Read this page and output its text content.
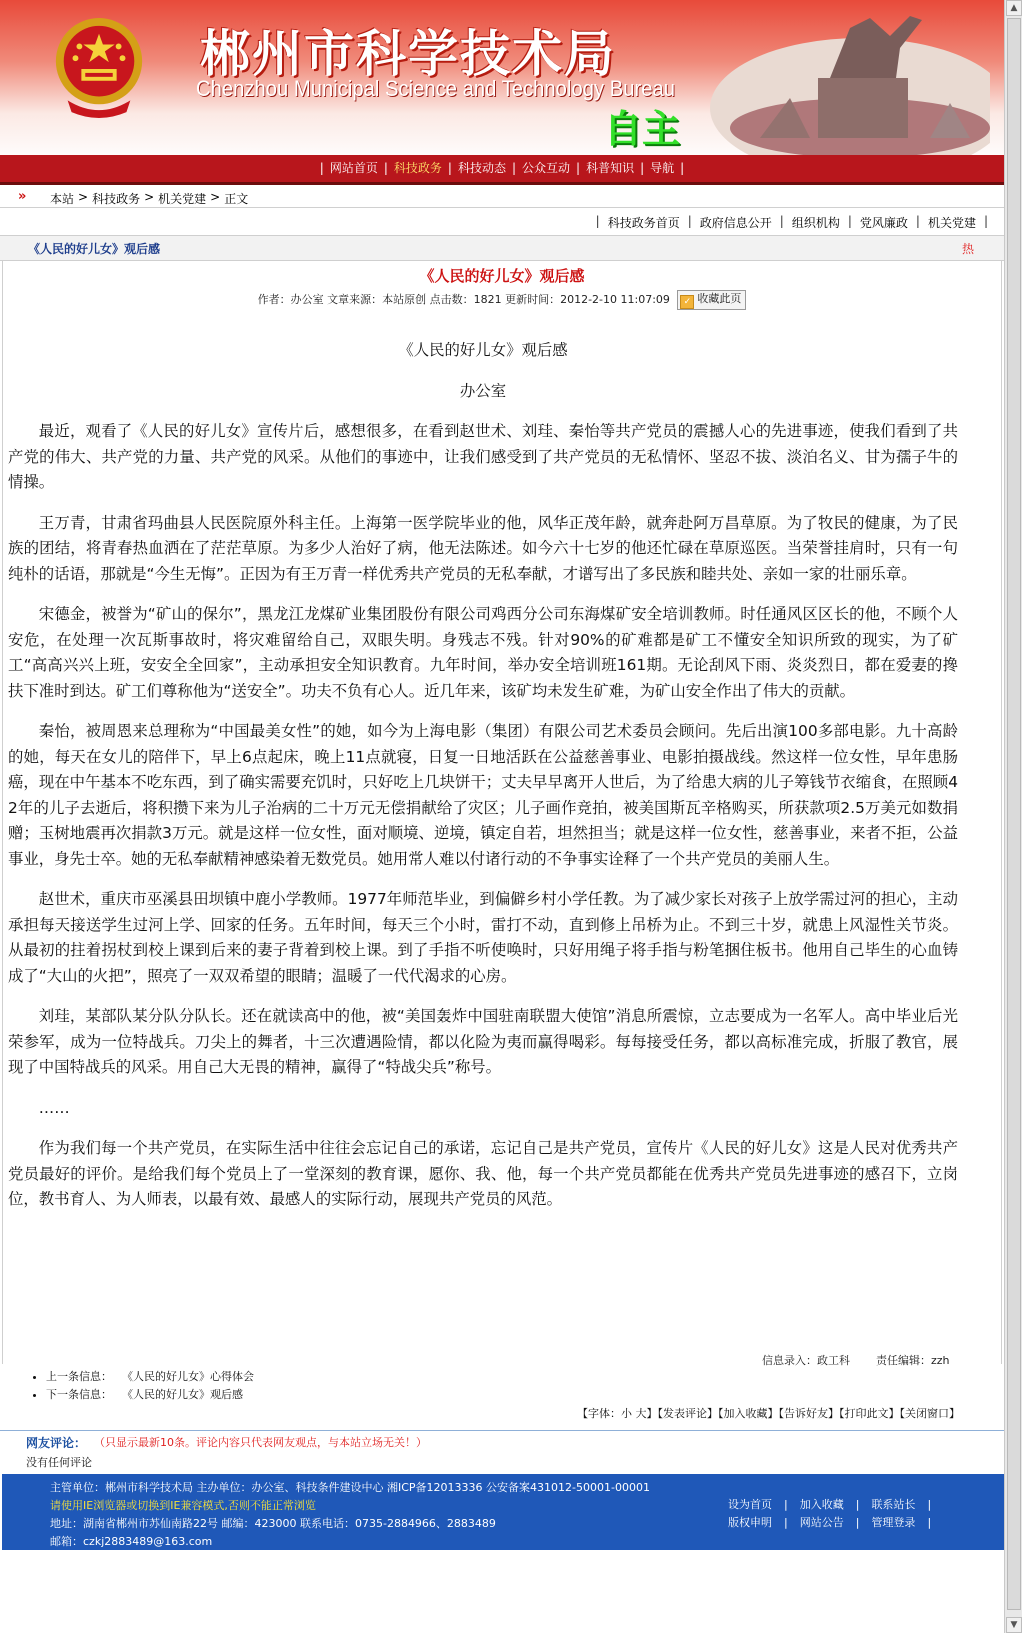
郴州市科学技术局
Chenzhou Municipal Science and Technology Bureau
自主
| 网站首页 | 科技政务 | 科技动态 | 公众互动 | 科普知识 | 导航 |
» 本站 > 科技政务 > 机关党建 > 正文
| 科技政务首页 | 政府信息公开 | 组织机构 | 党风廉政 | 机关党建 |
《人民的好儿女》观后感	热
《人民的好儿女》观后感
作者：办公室 文章来源：本站原创 点击数：1821 更新时间：2012-2-10 11:07:09 ✓ 收藏此页
《人民的好儿女》观后感
办公室

最近，观看了《人民的好儿女》宣传片后，感想很多，在看到赵世术、刘珪、秦怡等共产党员的震撼人心的先进事迹，使我们看到了共产党的伟大、共产党的力量、共产党的风采。从他们的事迹中，让我们感受到了共产党员的无私情怀、坚忍不拔、淡泊名义、甘为孺子牛的情操。

王万青，甘肃省玛曲县人民医院原外科主任。上海第一医学院毕业的他，风华正茂年龄，就奔赴阿万昌草原。为了牧民的健康，为了民族的团结，将青春热血洒在了茫茫草原。为多少人治好了病，他无法陈述。如今六十七岁的他还忙碌在草原巡医。当荣誉挂肩时，只有一句纯朴的话语，那就是“今生无悔”。正因为有王万青一样优秀共产党员的无私奉献，才谱写出了多民族和睦共处、亲如一家的壮丽乐章。

宋德金，被誉为“矿山的保尔”，黑龙江龙煤矿业集团股份有限公司鸡西分公司东海煤矿安全培训教师。时任通风区区长的他，不顾个人安危，在处理一次瓦斯事故时，将灾难留给自己，双眼失明。身残志不残。针对90%的矿难都是矿工不懂安全知识所致的现实，为了矿工“高高兴兴上班，安安全全回家”，主动承担安全知识教育。九年时间，举办安全培训班161期。无论刮风下雨、炎炎烈日，都在爱妻的搀扶下准时到达。矿工们尊称他为“送安全”。功夫不负有心人。近几年来，该矿均未发生矿难，为矿山安全作出了伟大的贡献。

秦怡，被周恩来总理称为“中国最美女性”的她，如今为上海电影（集团）有限公司艺术委员会顾问。先后出演100多部电影。九十高龄的她，每天在女儿的陪伴下，早上6点起床，晚上11点就寝，日复一日地活跃在公益慈善事业、电影拍摄战线。然这样一位女性，早年患肠癌，现在中午基本不吃东西，到了确实需要充饥时，只好吃上几块饼干；丈夫早早离开人世后，为了给患大病的儿子筹钱节衣缩食，在照顾42年的儿子去逝后，将积攒下来为儿子治病的二十万元无偿捐献给了灾区；儿子画作竞拍，被美国斯瓦辛格购买，所获款项2.5万美元如数捐赠；玉树地震再次捐款3万元。就是这样一位女性，面对顺境、逆境，镇定自若，坦然担当；就是这样一位女性，慈善事业，来者不拒，公益事业，身先士卒。她的无私奉献精神感染着无数党员。她用常人难以付诸行动的不争事实诠释了一个共产党员的美丽人生。

赵世术，重庆市巫溪县田坝镇中鹿小学教师。1977年师范毕业，到偏僻乡村小学任教。为了减少家长对孩子上放学需过河的担心，主动承担每天接送学生过河上学、回家的任务。五年时间，每天三个小时，雷打不动，直到修上吊桥为止。不到三十岁，就患上风湿性关节炎。从最初的拄着拐杖到校上课到后来的妻子背着到校上课。到了手指不听使唤时，只好用绳子将手指与粉笔捆住板书。他用自己毕生的心血铸成了“大山的火把”，照亮了一双双希望的眼睛；温暖了一代代渴求的心房。

刘珪，某部队某分队分队长。还在就读高中的他，被“美国轰炸中国驻南联盟大使馆”消息所震惊，立志要成为一名军人。高中毕业后光荣参军，成为一位特战兵。刀尖上的舞者，十三次遭遇险情，都以化险为夷而赢得喝彩。每每接受任务，都以高标准完成，折服了教官，展现了中国特战兵的风采。用自己大无畏的精神，赢得了“特战尖兵”称号。

……

作为我们每一个共产党员，在实际生活中往往会忘记自己的承诺，忘记自己是共产党员，宣传片《人民的好儿女》这是人民对优秀共产党员最好的评价。是给我们每个党员上了一堂深刻的教育课，愿你、我、他，每一个共产党员都能在优秀共产党员先进事迹的感召下，立岗位，教书育人、为人师表，以最有效、最感人的实际行动，展现共产党员的风范。

信息录入：政工科 责任编辑：zzh
• 上一条信息： 《人民的好儿女》心得体会
• 下一条信息： 《人民的好儿女》观后感
【字体：小 大】【发表评论】【加入收藏】【告诉好友】【打印此文】【关闭窗口】
网友评论： （只显示最新10条。评论内容只代表网友观点，与本站立场无关！）
没有任何评论
主管单位：郴州市科学技术局 主办单位：办公室、科技条件建设中心 湘ICP备12013336 公安备案431012-50001-00001
请使用IE浏览器或切换到IE兼容模式,否则不能正常浏览
地址：湖南省郴州市苏仙南路22号 邮编：423000 联系电话：0735-2884966、2883489
邮箱：czkj2883489@163.com
设为首页	|	加入收藏	|	联系站长	|
版权申明	|	网站公告	|	管理登录	|
▲
▼
